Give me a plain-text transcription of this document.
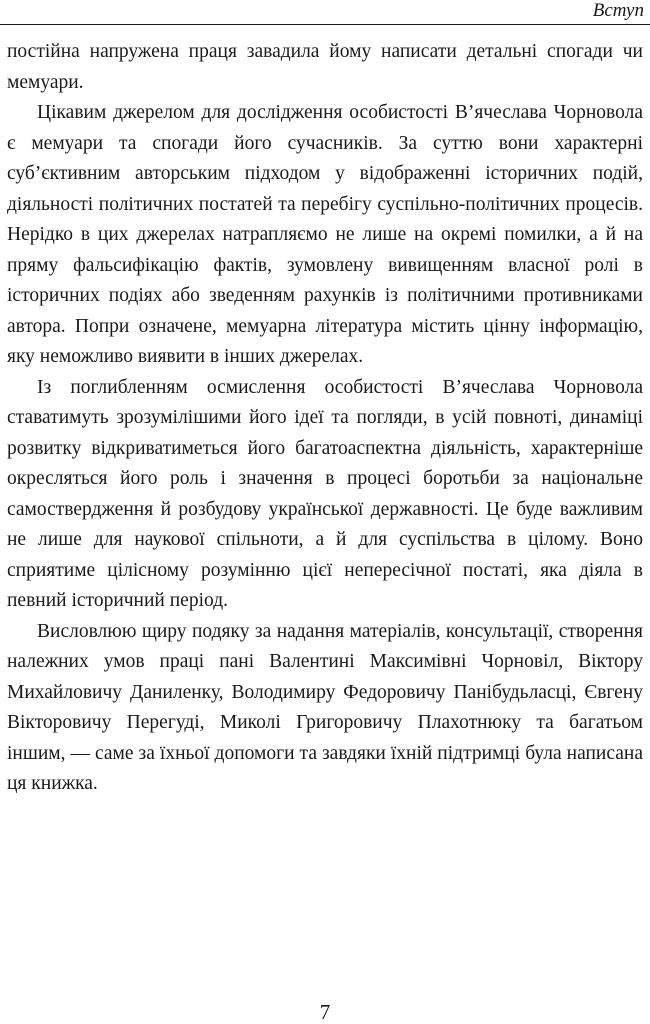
Вступ

постійна напружена праця завадила йому написати детальні спогади чи мемуари.

Цікавим джерелом для дослідження особистості В’ячеслава Чорновола є мемуари та спогади його сучасників. За суттю вони характерні суб’єктивним авторським підходом у відображенні історичних подій, діяльності політичних постатей та перебігу суспільно-політичних процесів. Нерідко в цих джерелах натрапляємо не лише на окремі помилки, а й на пряму фальсифікацію фактів, зумовлену вивищенням власної ролі в історичних подіях або зведенням рахунків із політичними противниками автора. Попри означене, мемуарна література містить цінну інформацію, яку неможливо виявити в інших джерелах.

Із поглибленням осмислення особистості В’ячеслава Чорновола ставатимуть зрозумілішими його ідеї та погляди, в усій повноті, динаміці розвитку відкриватиметься його багатоаспектна діяльність, характерніше окресляться його роль і значення в процесі боротьби за національне самоствердження й розбудову української державності. Це буде важливим не лише для наукової спільноти, а й для суспільства в цілому. Воно сприятиме цілісному розумінню цієї непересічної постаті, яка діяла в певний історичний період.

Висловлюю щиру подяку за надання матеріалів, консультації, створення належних умов праці пані Валентині Максимівні Чорновіл, Віктору Михайловичу Даниленку, Володимиру Федоровичу Панібудьласці, Євгену Вікторовичу Перегуді, Миколі Григоровичу Плахотнюку та багатьом іншим, — саме за їхньої допомоги та завдяки їхній підтримці була написана ця книжка.

7
